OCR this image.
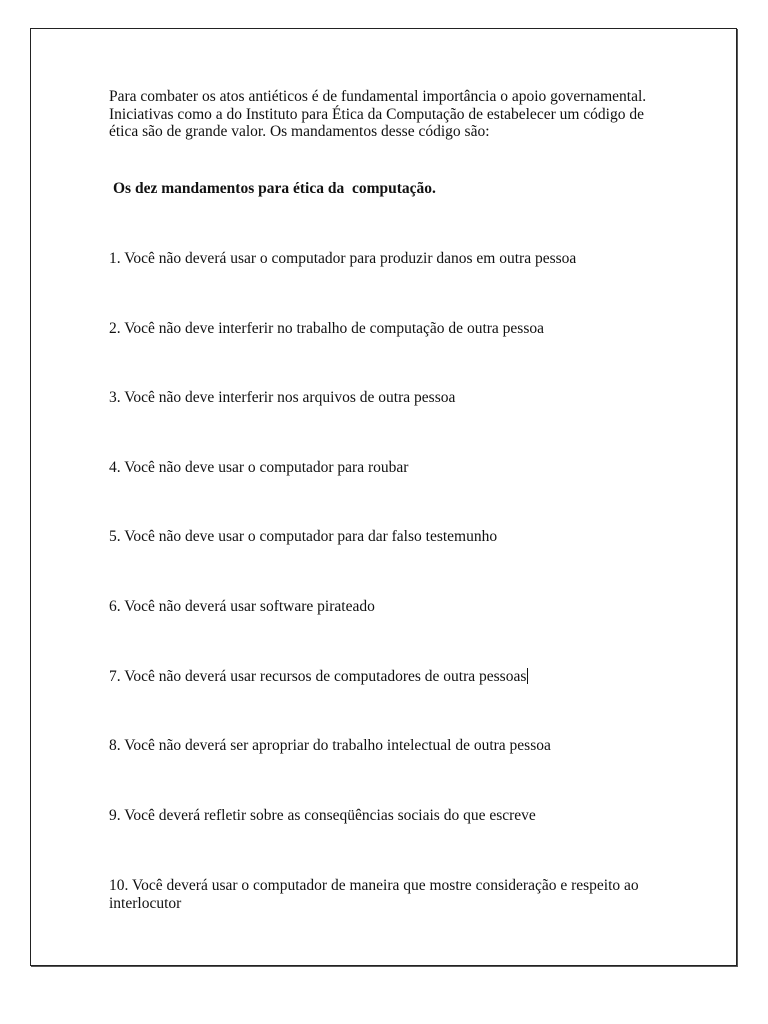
Para combater os atos antiéticos é de fundamental importância o apoio governamental. Iniciativas como a do Instituto para Ética da Computação de estabelecer um código de ética são de grande valor. Os mandamentos desse código são:

Os dez mandamentos para ética da  computação.

1. Você não deverá usar o computador para produzir danos em outra pessoa

2. Você não deve interferir no trabalho de computação de outra pessoa

3. Você não deve interferir nos arquivos de outra pessoa

4. Você não deve usar o computador para roubar

5. Você não deve usar o computador para dar falso testemunho

6. Você não deverá usar software pirateado

7. Você não deverá usar recursos de computadores de outra pessoas

8. Você não deverá ser apropriar do trabalho intelectual de outra pessoa

9. Você deverá refletir sobre as conseqüências sociais do que escreve

10. Você deverá usar o computador de maneira que mostre consideração e respeito ao interlocutor
